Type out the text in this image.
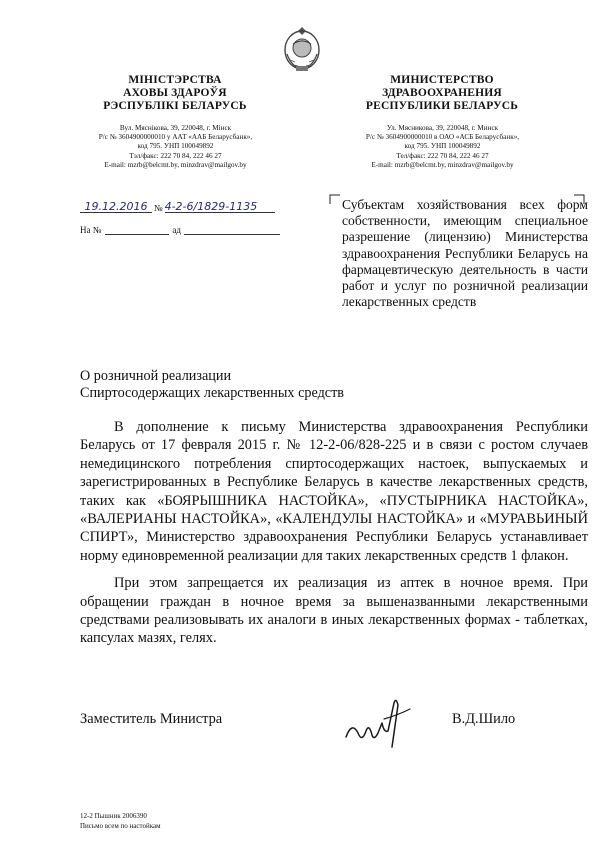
МІНІСТЭРСТВА
АХОВЫ ЗДАРОЎЯ
РЭСПУБЛІКІ БЕЛАРУСЬ
Вул. Мяснікова, 39, 220048, г. Мінск
Р/с № 3604900000010 у ААТ «ААБ Беларусбанк»,
код 795. УНП 100049892
Тэл/факс: 222 70 84, 222 46 27
E-mail: mzrb@belcmt.by, minzdrav@mailgov.by
МИНИСТЕРСТВО
ЗДРАВООХРАНЕНИЯ
РЕСПУБЛИКИ БЕЛАРУСЬ
Ул. Мясникова, 39, 220048, г. Минск
Р/с № 3604900000010 в ОАО «АСБ Беларусбанк»,
код 795. УНП 100049892
Тел/факс: 222 70 84, 222 46 27
E-mail: mzrb@belcmt.by, minzdrav@mailgov.by
19.12.2016 № 4-2-6/1829-1135
На №	ад
Субъектам хозяйствования всех форм собственности, имеющим специальное разрешение (лицензию) Министерства здравоохранения Республики Беларусь на фармацевтическую деятельность в части работ и услуг по розничной реализации лекарственных средств
О розничной реализации
Спиртосодержащих лекарственных средств

В дополнение к письму Министерства здравоохранения Республики Беларусь от 17 февраля 2015 г. № 12-2-06/828-225 и в связи с ростом случаев немедицинского потребления спиртосодержащих настоек, выпускаемых и зарегистрированных в Республике Беларусь в качестве лекарственных средств, таких как «БОЯРЫШНИКА НАСТОЙКА», «ПУСТЫРНИКА НАСТОЙКА», «ВАЛЕРИАНЫ НАСТОЙКА», «КАЛЕНДУЛЫ НАСТОЙКА» и «МУРАВЬИНЫЙ СПИРТ», Министерство здравоохранения Республики Беларусь устанавливает норму единовременной реализации для таких лекарственных средств 1 флакон.

При этом запрещается их реализация из аптек в ночное время. При обращении граждан в ночное время за вышеназванными лекарственными средствами реализовывать их аналоги в иных лекарственных формах - таблетках, капсулах мазях, гелях.

Заместитель Министра	В.Д.Шило
12-2 Пышник 2006390
Письмо всем по настойкам
